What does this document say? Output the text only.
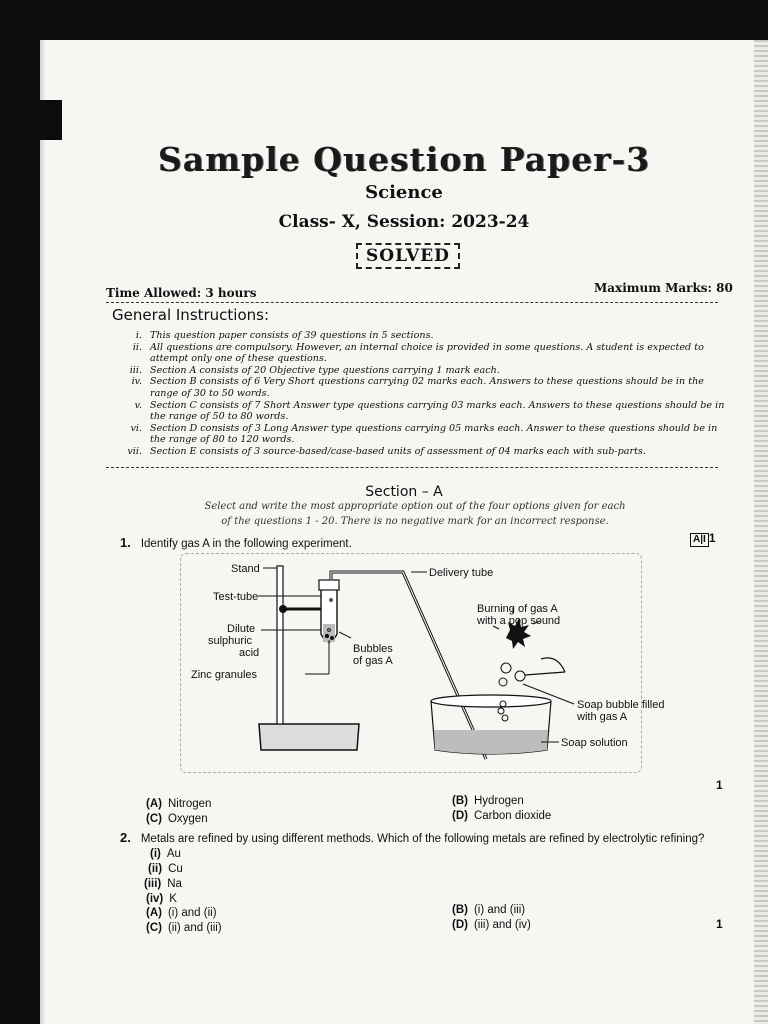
Sample Question Paper-3
Science
Class- X, Session: 2023-24
SOLVED
Time Allowed: 3 hours	Maximum Marks: 80
General Instructions:
i. This question paper consists of 39 questions in 5 sections.
ii. All questions are compulsory. However, an internal choice is provided in some questions. A student is expected to attempt only one of these questions.
iii. Section A consists of 20 Objective type questions carrying 1 mark each.
iv. Section B consists of 6 Very Short questions carrying 02 marks each. Answers to these questions should be in the range of 30 to 50 words.
v. Section C consists of 7 Short Answer type questions carrying 03 marks each. Answers to these questions should be in the range of 50 to 80 words.
vi. Section D consists of 3 Long Answer type questions carrying 05 marks each. Answer to these questions should be in the range of 80 to 120 words.
vii. Section E consists of 3 source-based/case-based units of assessment of 04 marks each with sub-parts.
Section – A
Select and write the most appropriate option out of the four options given for each of the questions 1 - 20. There is no negative mark for an incorrect response.
1. Identify gas A in the following experiment.	A|I 1
Stand
Test-tube
Dilute
sulphuric
acid
Zinc granules
Delivery tube
Burning of gas A
with a pop sound
Bubbles
of gas A
Soap bubble filled
with gas A
Soap solution
1
(A) Nitrogen	(B) Hydrogen
(C) Oxygen	(D) Carbon dioxide
2. Metals are refined by using different methods. Which of the following metals are refined by electrolytic refining?
(i) Au
(ii) Cu
(iii) Na
(iv) K
(A) (i) and (ii)	(B) (i) and (iii)
(C) (ii) and (iii)	(D) (iii) and (iv)	1
